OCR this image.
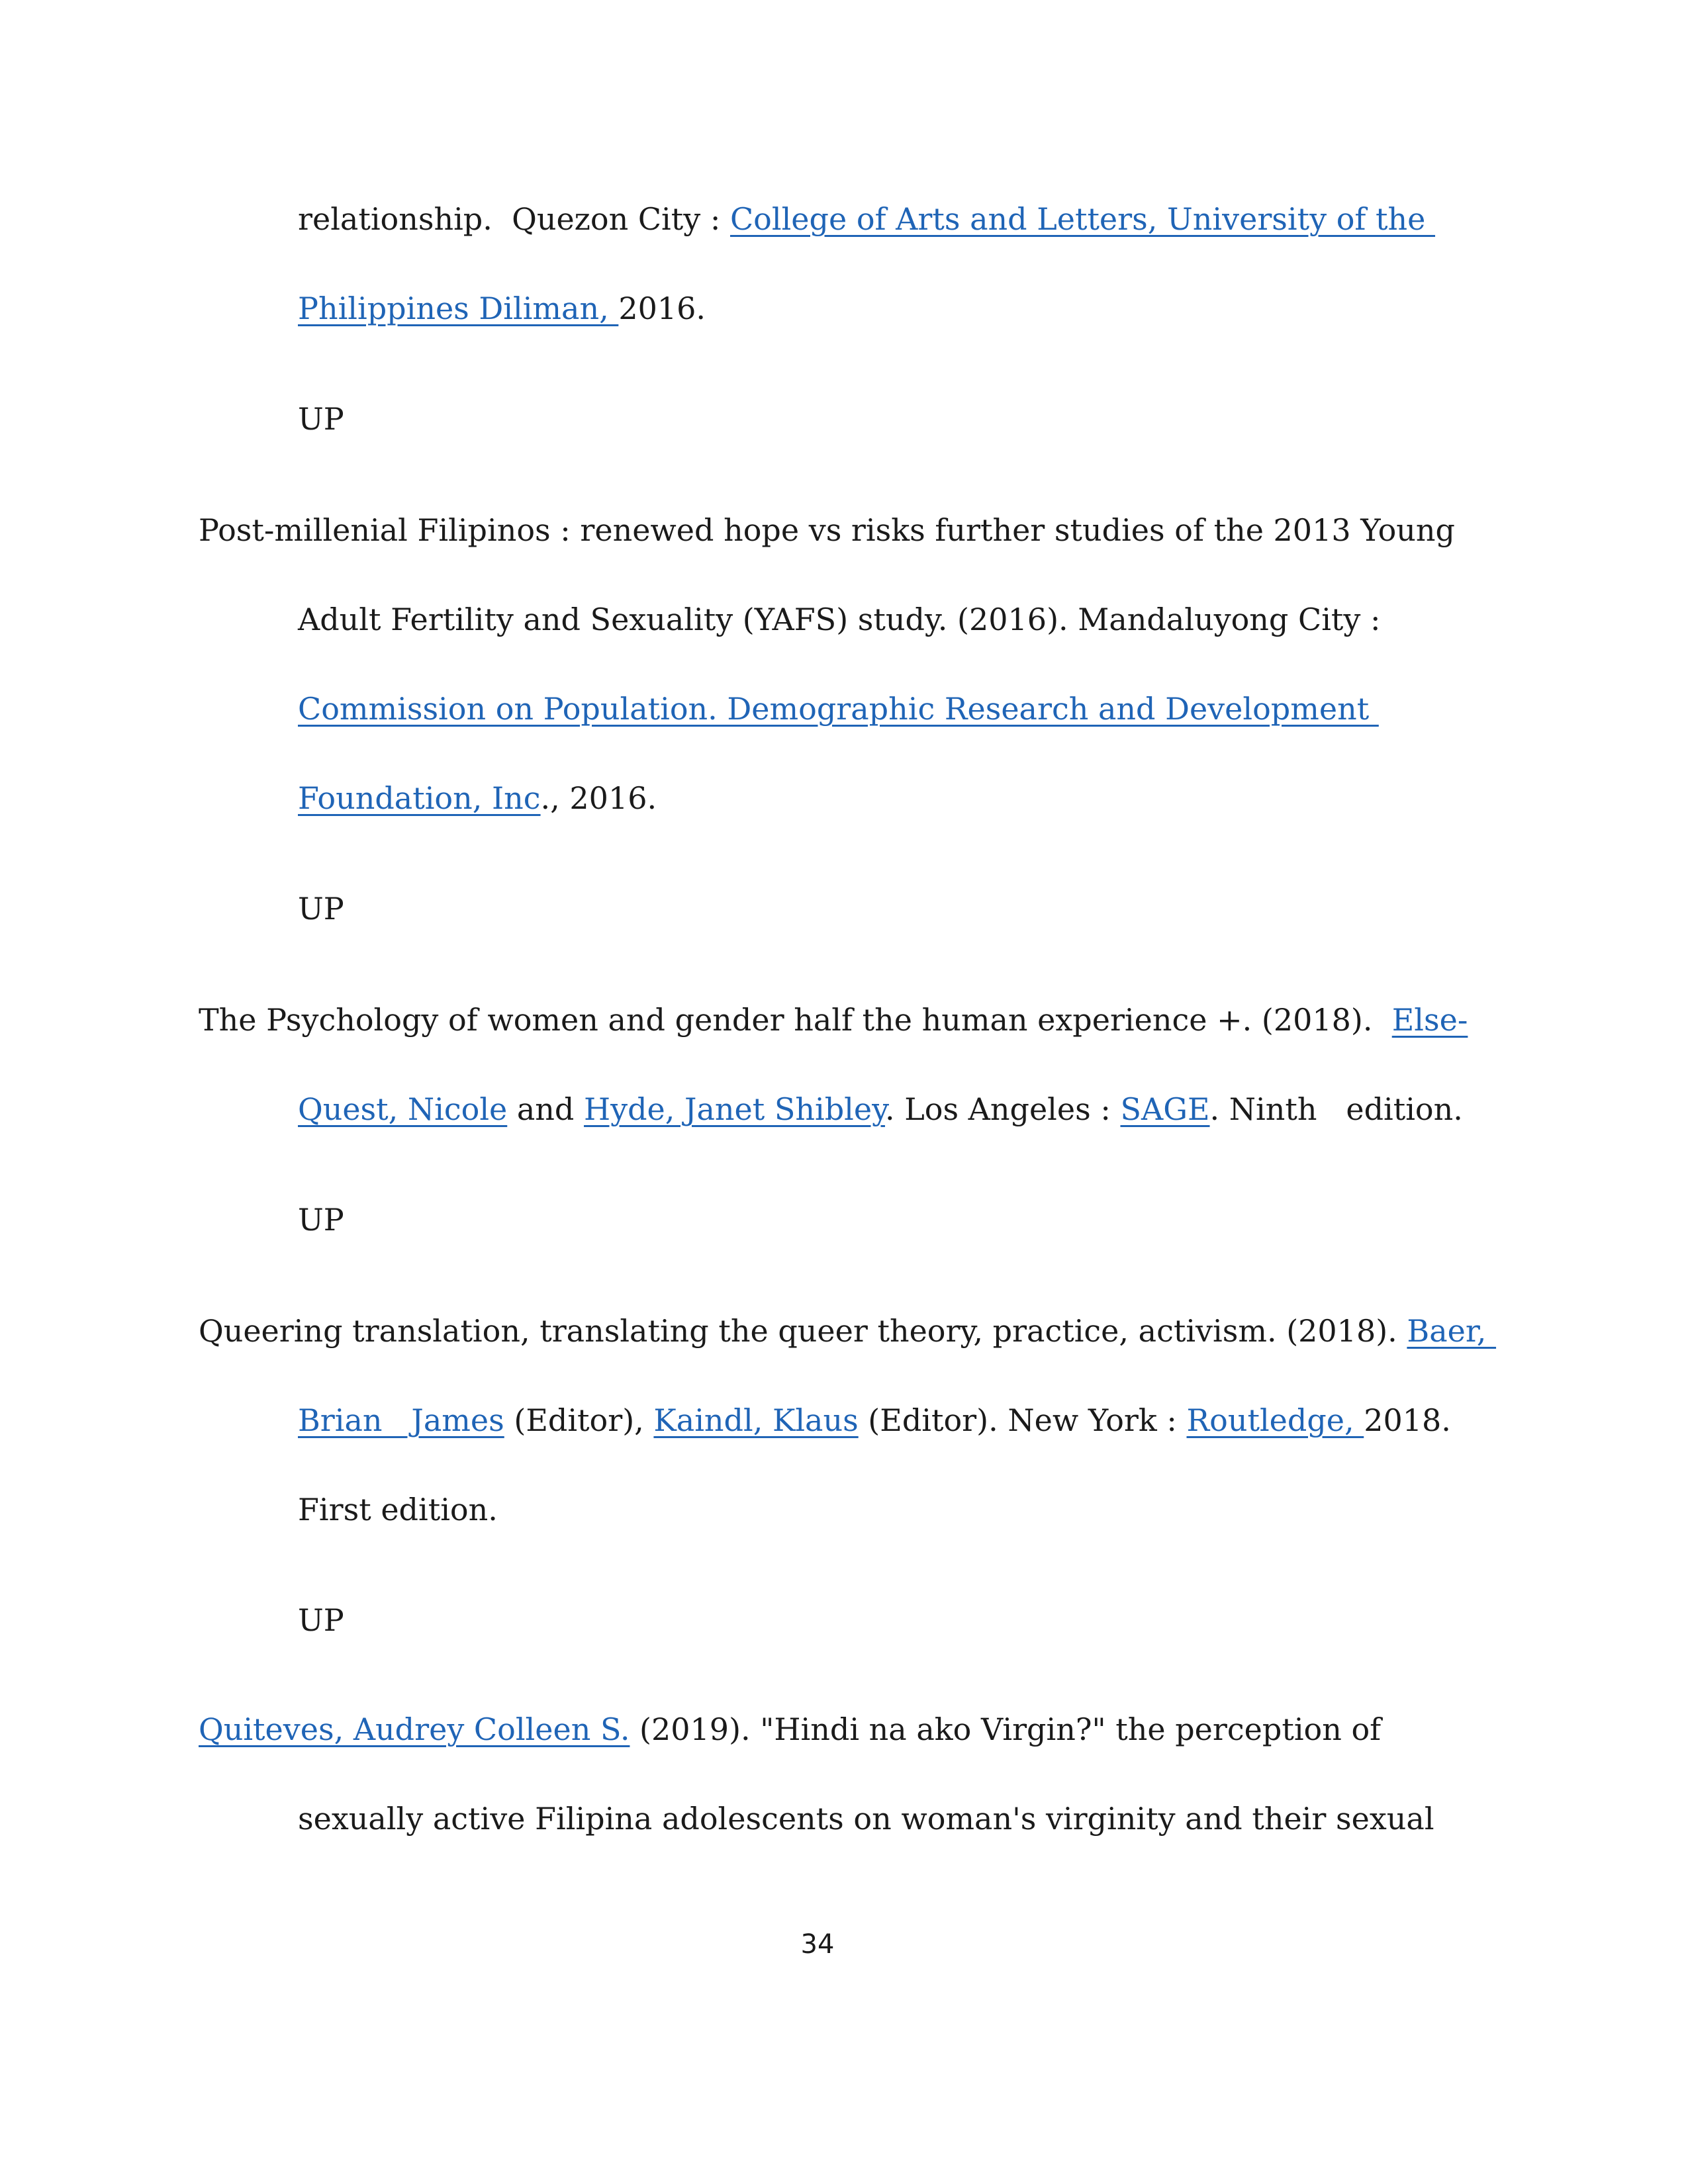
relationship.  Quezon City : College of Arts and Letters, University of the

Philippines Diliman, 2016.

UP

Post-millenial Filipinos : renewed hope vs risks further studies of the 2013 Young

Adult Fertility and Sexuality (YAFS) study. (2016). Mandaluyong City :

Commission on Population. Demographic Research and Development

Foundation, Inc., 2016.

UP

The Psychology of women and gender half the human experience +. (2018).  Else-

Quest, Nicole and Hyde, Janet Shibley. Los Angeles : SAGE. Ninth   edition.

UP

Queering translation, translating the queer theory, practice, activism. (2018). Baer,

Brian   James (Editor), Kaindl, Klaus (Editor). New York : Routledge, 2018.

First edition.

UP

Quiteves, Audrey Colleen S. (2019). "Hindi na ako Virgin?" the perception of

sexually active Filipina adolescents on woman's virginity and their sexual

34
